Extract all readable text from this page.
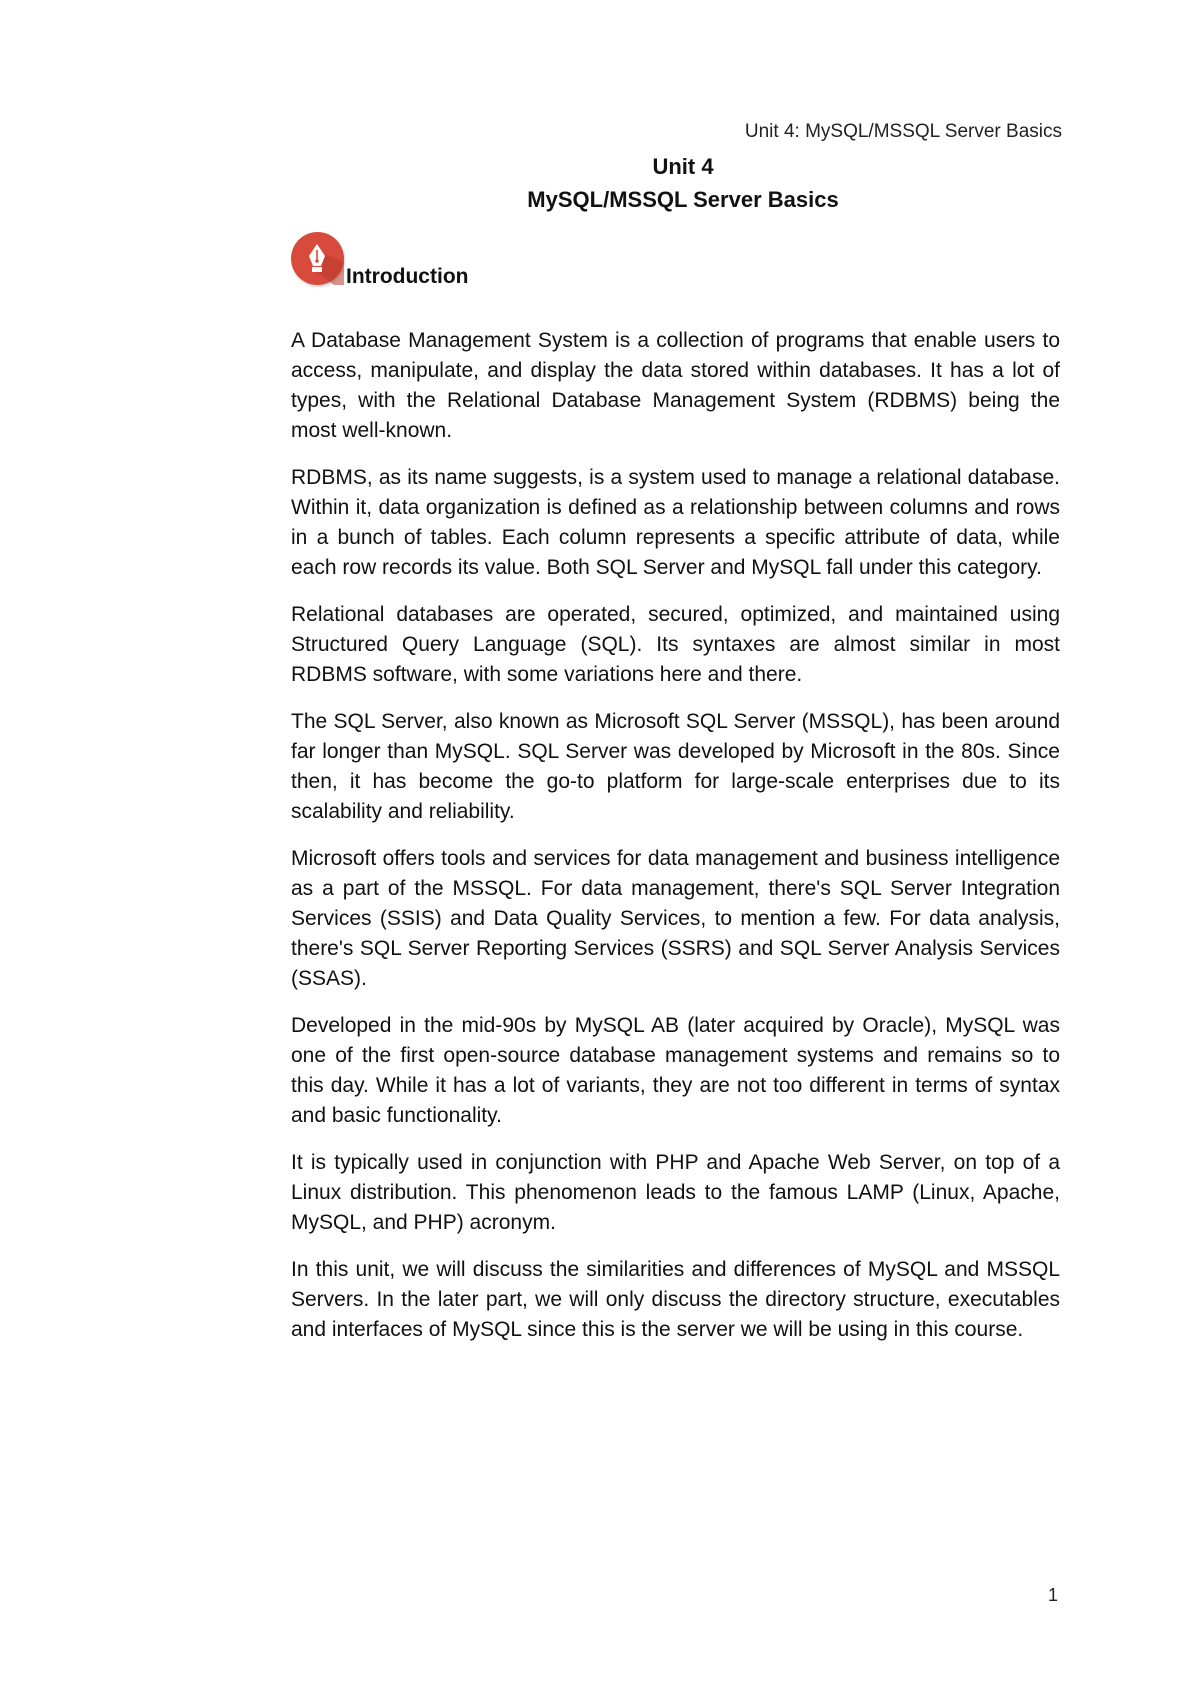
Unit 4: MySQL/MSSQL Server Basics
Unit 4
MySQL/MSSQL Server Basics
Introduction

A Database Management System is a collection of programs that enable users to access, manipulate, and display the data stored within databases. It has a lot of types, with the Relational Database Management System (RDBMS) being the most well-known.

RDBMS, as its name suggests, is a system used to manage a relational database. Within it, data organization is defined as a relationship between columns and rows in a bunch of tables. Each column represents a specific attribute of data, while each row records its value. Both SQL Server and MySQL fall under this category.

Relational databases are operated, secured, optimized, and maintained using Structured Query Language (SQL). Its syntaxes are almost similar in most RDBMS software, with some variations here and there.

The SQL Server, also known as Microsoft SQL Server (MSSQL), has been around far longer than MySQL. SQL Server was developed by Microsoft in the 80s. Since then, it has become the go-to platform for large-scale enterprises due to its scalability and reliability.

Microsoft offers tools and services for data management and business intelligence as a part of the MSSQL. For data management, there's SQL Server Integration Services (SSIS) and Data Quality Services, to mention a few. For data analysis, there's SQL Server Reporting Services (SSRS) and SQL Server Analysis Services (SSAS).

Developed in the mid-90s by MySQL AB (later acquired by Oracle), MySQL was one of the first open-source database management systems and remains so to this day. While it has a lot of variants, they are not too different in terms of syntax and basic functionality.

It is typically used in conjunction with PHP and Apache Web Server, on top of a Linux distribution. This phenomenon leads to the famous LAMP (Linux, Apache, MySQL, and PHP) acronym.

In this unit, we will discuss the similarities and differences of MySQL and MSSQL Servers. In the later part, we will only discuss the directory structure, executables and interfaces of MySQL since this is the server we will be using in this course.

1
